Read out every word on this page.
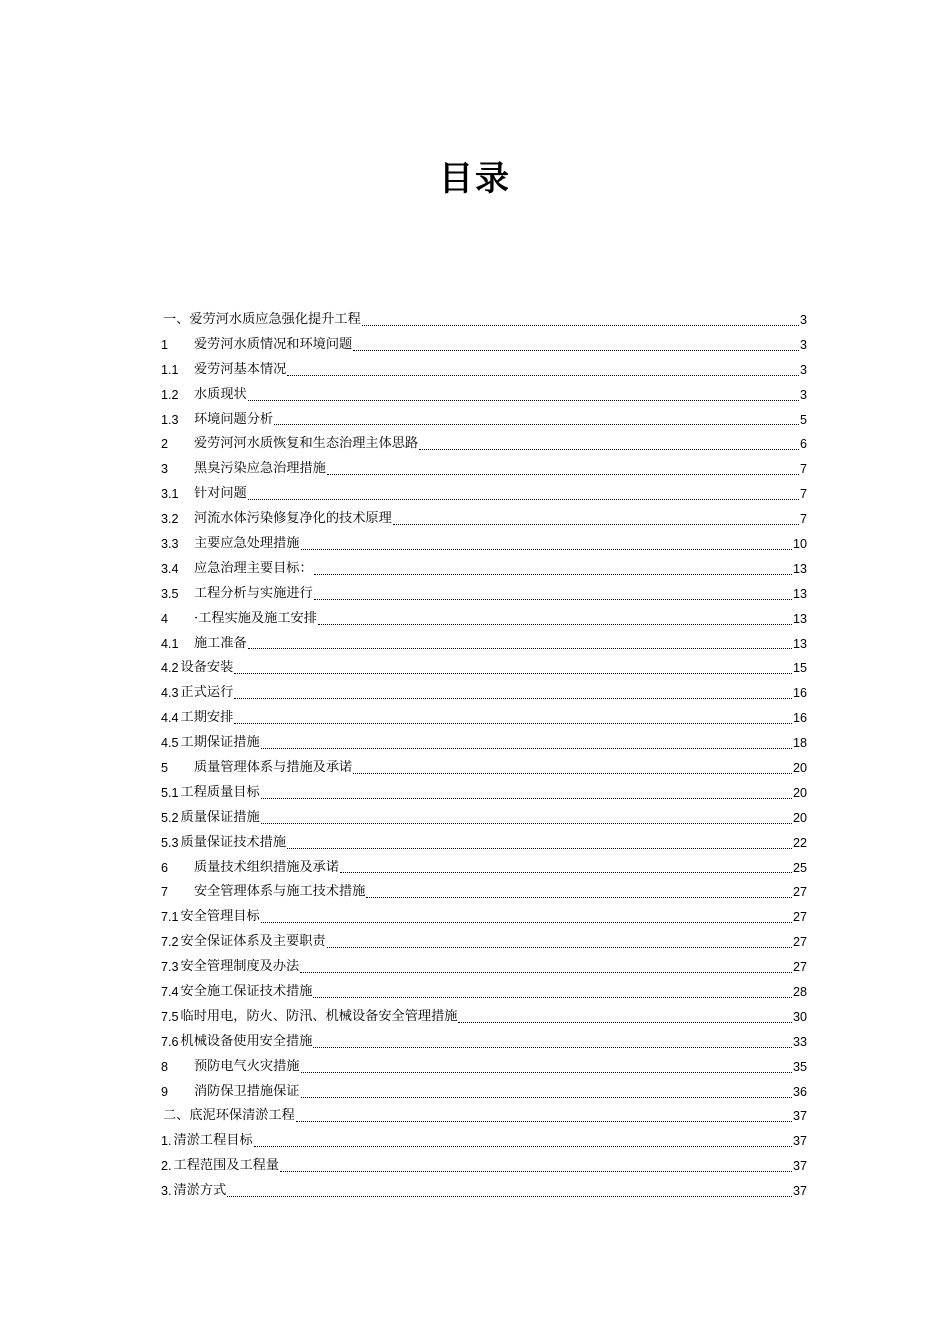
目录
一、爱劳河水质应急强化提升工程	3
1	爱劳河水质情况和环境问题	3
1.1	爱劳河基本情况	3
1.2	水质现状	3
1.3	环境问题分析	5
2	爱劳河河水质恢复和生态治理主体思路	6
3	黑臭污染应急治理措施	7
3.1	针对问题	7
3.2	河流水体污染修复净化的技术原理	7
3.3	主要应急处理措施	10
3.4	应急治理主要目标：	13
3.5	工程分析与实施进行	13
4	·工程实施及施工安排	13
4.1	施工准备	13
4.2 设备安装	15
4.3 正式运行	16
4.4 工期安排	16
4.5 工期保证措施	18
5	质量管理体系与措施及承诺	20
5.1 工程质量目标	20
5.2 质量保证措施	20
5.3 质量保证技术措施	22
6	质量技术组织措施及承诺	25
7	安全管理体系与施工技术措施	27
7.1 安全管理目标	27
7.2 安全保证体系及主要职责	27
7.3 安全管理制度及办法	27
7.4 安全施工保证技术措施	28
7.5 临时用电，防火、防汛、机械设备安全管理措施	30
7.6 机械设备使用安全措施	33
8	预防电气火灾措施	35
9	消防保卫措施保证	36
二、底泥环保清淤工程	37
1. 清淤工程目标	37
2. 工程范围及工程量	37
3. 清淤方式	37
